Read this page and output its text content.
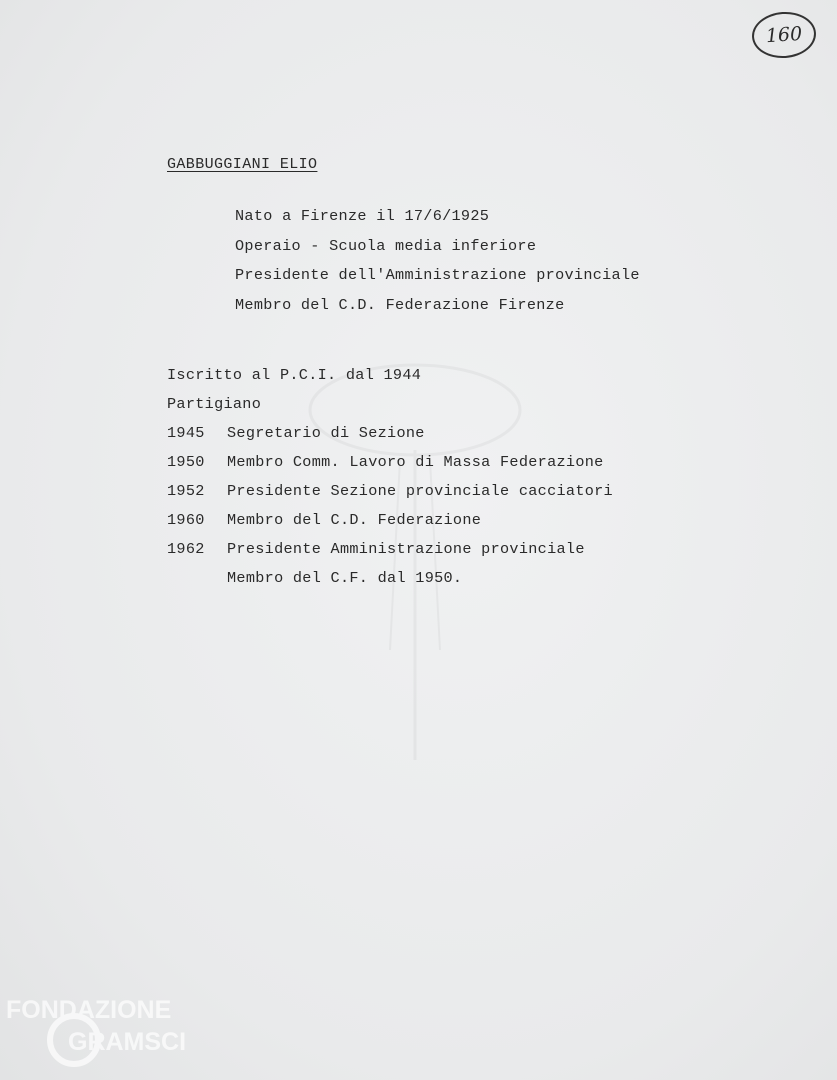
160
GABBUGGIANI ELIO
Nato a Firenze il 17/6/1925
Operaio - Scuola media inferiore
Presidente dell'Amministrazione provinciale
Membro del C.D. Federazione Firenze
Iscritto al P.C.I. dal 1944
Partigiano
1945 Segretario di Sezione
1950 Membro Comm. Lavoro di Massa Federazione
1952 Presidente Sezione provinciale cacciatori
1960 Membro del C.D. Federazione
1962 Presidente Amministrazione provinciale
Membro del C.F. dal 1950.
FONDAZIONE
GRAMSCI
